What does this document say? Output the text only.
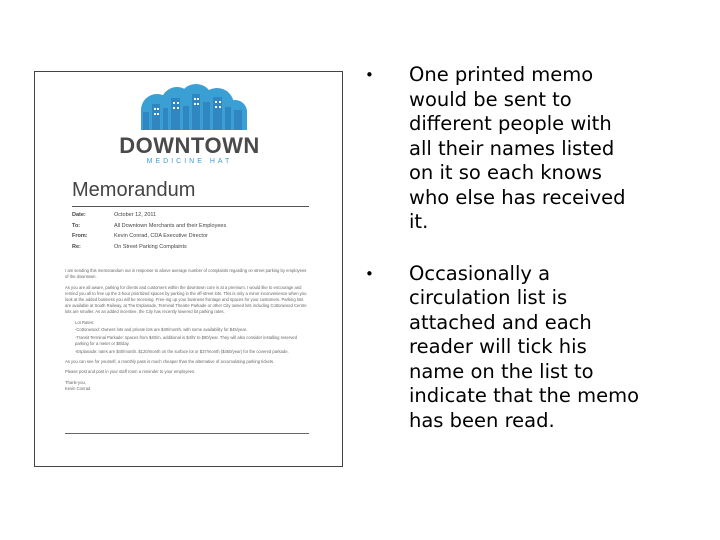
DOWNTOWN
MEDICINE HAT
Memorandum
Date:	October 12, 2011
To:	All Downtown Merchants and their Employees
From:	Kevin Conrad, CDA Executive Director
Re:	On Street Parking Complaints

I am sending this memorandum out in response to above average number of complaints regarding on street parking by employees of the downtown.

As you are all aware, parking for clients and customers within the downtown core is at a premium. I would like to encourage and remind you all to free up the 2-hour prioritized spaces by parking in the off-street lots. This is only a minor inconvenience when you look at the added business you will be receiving. Free-ing up your business frontage and spaces for your customers. Parking lots are available at South Railway, at The Esplanade, Terminal Theatre Parkade or other City owned lots including Cottonwood Centre lots are smaller. As an added incentive, the City has recently lowered lot parking rates.

Lot Rates:

-Cottonwood: Owners lots and private lots are $40/month, with some availability for $45/year.

-Transit Terminal Parkade: spaces from $40/m, additional is $4/hr to $80/year. They will also consider installing reserved parking for a meter or $8/day.

-Esplanade: rates are $40/month. $120/month on the surface lot or $37/month ($450/year) for the covered parkade.

As you can see for yourself, a monthly pass is much cheaper than the alternative of accumulating parking tickets.

Please post and post in your staff room a reminder to your employees.

Thank-you,

Kevin Conrad

•	One printed memo would be sent to different people with all their names listed on it so each knows who else has received it.
•	Occasionally a circulation list is attached and each reader will tick his name on the list to indicate that the memo has been read.
